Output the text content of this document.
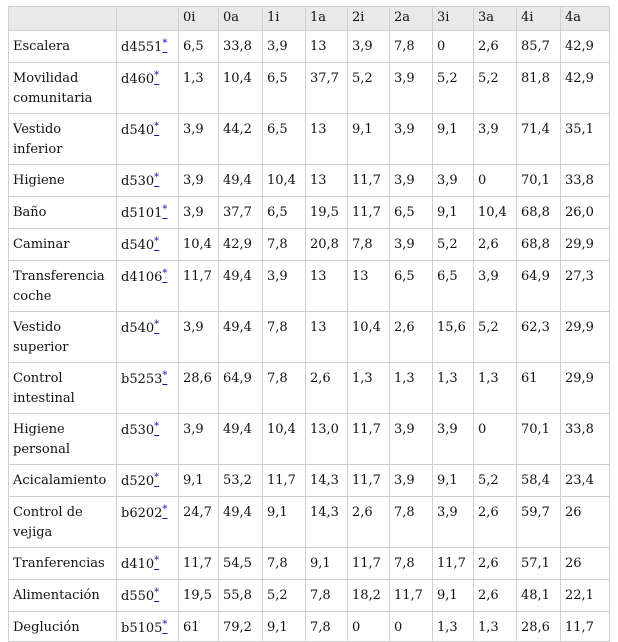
		0i	0a	1i	1a	2i	2a	3i	3a	4i	4a
Escalera	d4551*	6,5	33,8	3,9	13	3,9	7,8	0	2,6	85,7	42,9
Movilidad comunitaria	d460*	1,3	10,4	6,5	37,7	5,2	3,9	5,2	5,2	81,8	42,9
Vestido inferior	d540*	3,9	44,2	6,5	13	9,1	3,9	9,1	3,9	71,4	35,1
Higiene	d530*	3,9	49,4	10,4	13	11,7	3,9	3,9	0	70,1	33,8
Baño	d5101*	3,9	37,7	6,5	19,5	11,7	6,5	9,1	10,4	68,8	26,0
Caminar	d540*	10,4	42,9	7,8	20,8	7,8	3,9	5,2	2,6	68,8	29,9
Transferencia coche	d4106*	11,7	49,4	3,9	13	13	6,5	6,5	3,9	64,9	27,3
Vestido superior	d540*	3,9	49,4	7,8	13	10,4	2,6	15,6	5,2	62,3	29,9
Control intestinal	b5253*	28,6	64,9	7,8	2,6	1,3	1,3	1,3	1,3	61	29,9
Higiene personal	d530*	3,9	49,4	10,4	13,0	11,7	3,9	3,9	0	70,1	33,8
Acicalamiento	d520*	9,1	53,2	11,7	14,3	11,7	3,9	9,1	5,2	58,4	23,4
Control de vejiga	b6202*	24,7	49,4	9,1	14,3	2,6	7,8	3,9	2,6	59,7	26
Tranferencias	d410*	11,7	54,5	7,8	9,1	11,7	7,8	11,7	2,6	57,1	26
Alimentación	d550*	19,5	55,8	5,2	7,8	18,2	11,7	9,1	2,6	48,1	22,1
Deglución	b5105*	61	79,2	9,1	7,8	0	0	1,3	1,3	28,6	11,7
